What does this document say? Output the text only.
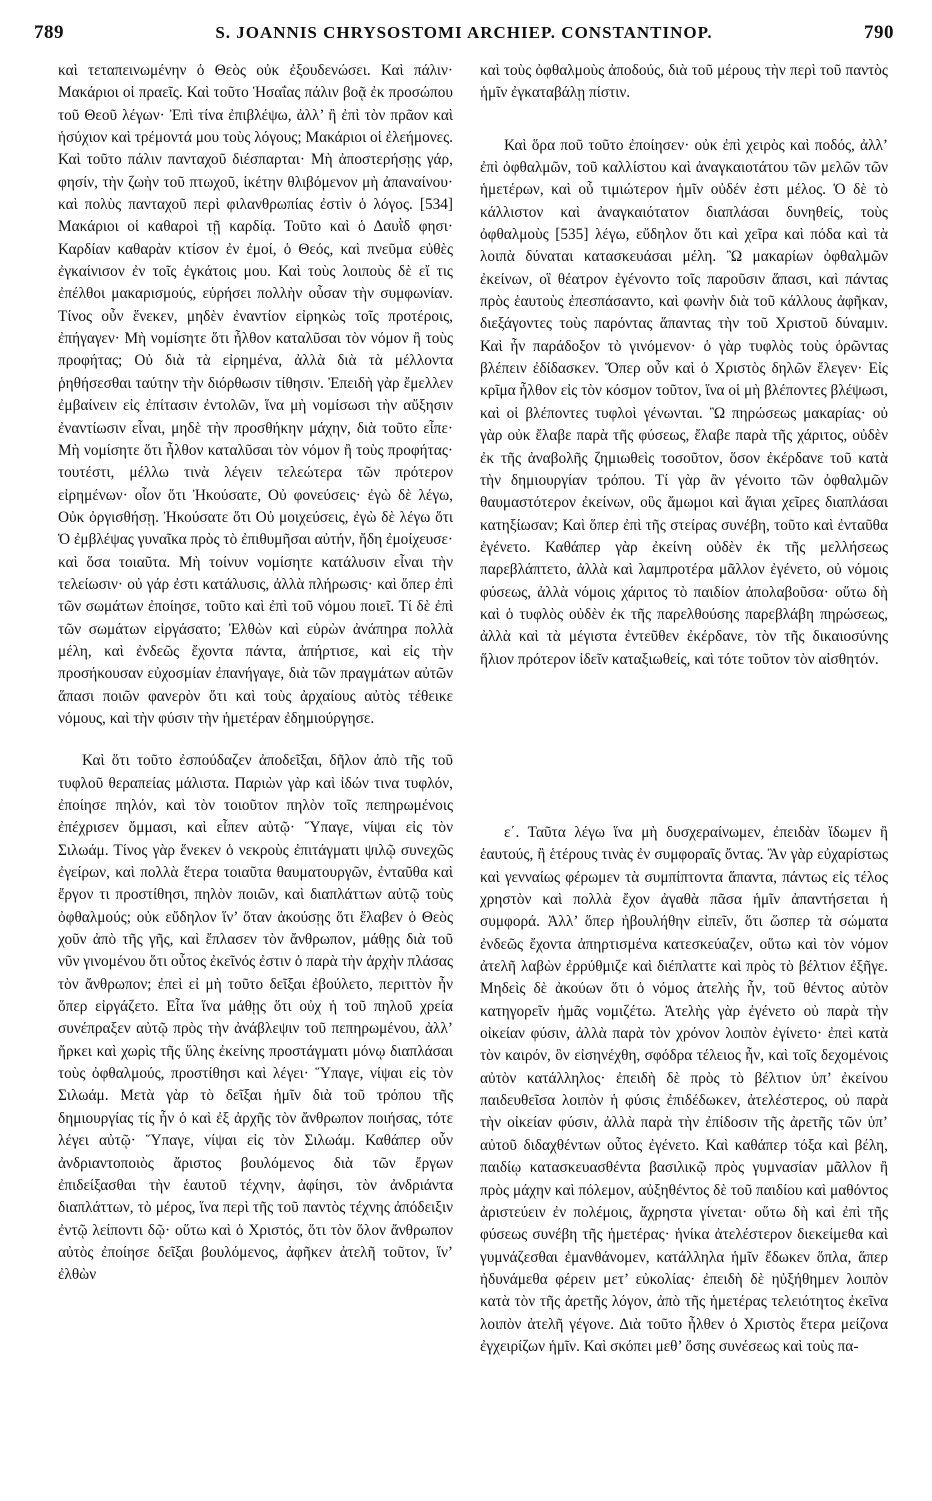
789	S. JOANNIS CHRYSOSTOMI ARCHIEP. CONSTANTINOP.	790

καὶ τεταπεινωμένην ὁ Θεὸς οὐκ ἐξουδενώσει. Καὶ πάλιν· Μακάριοι οἱ πραεῖς. Καὶ τοῦτο Ἡσαΐας πάλιν βοᾷ ἐκ προσώπου τοῦ Θεοῦ λέγων· Ἐπὶ τίνα ἐπιβλέψω, ἀλλ’ ἢ ἐπὶ τὸν πρᾶον καὶ ἡσύχιον καὶ τρέμοντά μου τοὺς λόγους; Μακάριοι οἱ ἐλεήμονες. Καὶ τοῦτο πάλιν πανταχοῦ διέσπαρται· Μὴ ἀποστερήσῃς γάρ, φησίν, τὴν ζωὴν τοῦ πτωχοῦ, ἱκέτην θλιβόμενον μὴ ἀπαναίνου· καὶ πολὺς πανταχοῦ περὶ φιλανθρωπίας ἐστὶν ὁ λόγος. [534] Μακάριοι οἱ καθαροὶ τῇ καρδίᾳ. Τοῦτο καὶ ὁ Δαυῒδ φησι· Καρδίαν καθαρὰν κτίσον ἐν ἐμοί, ὁ Θεός, καὶ πνεῦμα εὐθὲς ἐγκαίνισον ἐν τοῖς ἐγκάτοις μου. Καὶ τοὺς λοιποὺς δὲ εἴ τις ἐπέλθοι μακαρισμούς, εὑρήσει πολλὴν οὖσαν τὴν συμφωνίαν. Τίνος οὖν ἕνεκεν, μηδὲν ἐναντίον εἰρηκὼς τοῖς προτέροις, ἐπήγαγεν· Μὴ νομίσητε ὅτι ἦλθον καταλῦσαι τὸν νόμον ἢ τοὺς προφήτας; Οὐ διὰ τὰ εἰρημένα, ἀλλὰ διὰ τὰ μέλλοντα ῥηθήσεσθαι ταύτην τὴν διόρθωσιν τίθησιν. Ἐπειδὴ γὰρ ἔμελλεν ἐμβαίνειν εἰς ἐπίτασιν ἐντολῶν, ἵνα μὴ νομίσωσι τὴν αὔξησιν ἐναντίωσιν εἶναι, μηδὲ τὴν προσθήκην μάχην, διὰ τοῦτο εἶπε· Μὴ νομίσητε ὅτι ἦλθον καταλῦσαι τὸν νόμον ἢ τοὺς προφήτας· τουτέστι, μέλλω τινὰ λέγειν τελεώτερα τῶν πρότερον εἰρημένων· οἷον ὅτι Ἠκούσατε, Οὐ φονεύσεις· ἐγὼ δὲ λέγω, Οὐκ ὀργισθήσῃ. Ἠκούσατε ὅτι Οὐ μοιχεύσεις, ἐγὼ δὲ λέγω ὅτι Ὁ ἐμβλέψας γυναῖκα πρὸς τὸ ἐπιθυμῆσαι αὐτήν, ἤδη ἐμοίχευσε· καὶ ὅσα τοιαῦτα. Μὴ τοίνυν νομίσητε κατάλυσιν εἶναι τὴν τελείωσιν· οὐ γάρ ἐστι κατάλυσις, ἀλλὰ πλήρωσις· καὶ ὅπερ ἐπὶ τῶν σωμάτων ἐποίησε, τοῦτο καὶ ἐπὶ τοῦ νόμου ποιεῖ. Τί δὲ ἐπὶ τῶν σωμάτων εἰργάσατο; Ἐλθὼν καὶ εὑρὼν ἀνάπηρα πολλὰ μέλη, καὶ ἐνδεῶς ἔχοντα πάντα, ἀπήρτισε, καὶ εἰς τὴν προσήκουσαν εὐχοσμίαν ἐπανήγαγε, διὰ τῶν πραγμάτων αὐτῶν ἅπασι ποιῶν φανερὸν ὅτι καὶ τοὺς ἀρχαίους αὐτὸς τέθεικε νόμους, καὶ τὴν φύσιν τὴν ἡμετέραν ἐδημιούργησε.

Καὶ ὅτι τοῦτο ἐσπούδαζεν ἀποδεῖξαι, δῆλον ἀπὸ τῆς τοῦ τυφλοῦ θεραπείας μάλιστα. Παριὼν γὰρ καὶ ἰδών τινα τυφλόν, ἐποίησε πηλόν, καὶ τὸν τοιοῦτον πηλὸν τοῖς πεπηρωμένοις ἐπέχρισεν ὄμμασι, καὶ εἶπεν αὐτῷ· Ὕπαγε, νίψαι εἰς τὸν Σιλωάμ. Τίνος γὰρ ἕνεκεν ὁ νεκροὺς ἐπιτάγματι ψιλῷ συνεχῶς ἐγείρων, καὶ πολλὰ ἕτερα τοιαῦτα θαυματουργῶν, ἐνταῦθα καὶ ἔργον τι προστίθησι, πηλὸν ποιῶν, καὶ διαπλάττων αὐτῷ τοὺς ὀφθαλμούς; οὐκ εὔδηλον ἵν’ ὅταν ἀκούσῃς ὅτι ἔλαβεν ὁ Θεὸς χοῦν ἀπὸ τῆς γῆς, καὶ ἔπλασεν τὸν ἄνθρωπον, μάθῃς διὰ τοῦ νῦν γινομένου ὅτι οὗτος ἐκεῖνός ἐστιν ὁ παρὰ τὴν ἀρχὴν πλάσας τὸν ἄνθρωπον; ἐπεὶ εἰ μὴ τοῦτο δεῖξαι ἐβούλετο, περιττὸν ἦν ὅπερ εἰργάζετο. Εἶτα ἵνα μάθῃς ὅτι οὐχ ἡ τοῦ πηλοῦ χρεία συνέπραξεν αὐτῷ πρὸς τὴν ἀνάβλεψιν τοῦ πεπηρωμένου, ἀλλ’ ἤρκει καὶ χωρὶς τῆς ὕλης ἐκείνης προστάγματι μόνῳ διαπλάσαι τοὺς ὀφθαλμούς, προστίθησι καὶ λέγει· Ὕπαγε, νίψαι εἰς τὸν Σιλωάμ. Μετὰ γὰρ τὸ δεῖξαι ἡμῖν διὰ τοῦ τρόπου τῆς δημιουργίας τίς ἦν ὁ καὶ ἐξ ἀρχῆς τὸν ἄνθρωπον ποιήσας, τότε λέγει αὐτῷ· Ὕπαγε, νίψαι εἰς τὸν Σιλωάμ. Καθάπερ οὖν ἀνδριαντοποιὸς ἄριστος βουλόμενος διὰ τῶν ἔργων ἐπιδείξασθαι τὴν ἑαυτοῦ τέχνην, ἀφίησι, τὸν ἀνδριάντα διαπλάττων, τὸ μέρος, ἵνα περὶ τῆς τοῦ παντὸς τέχνης ἀπόδειξιν ἐντῷ λείποντι δῷ· οὕτω καὶ ὁ Χριστός, ὅτι τὸν ὅλον ἄνθρωπον αὐτὸς ἐποίησε δεῖξαι βουλόμενος, ἀφῆκεν ἀτελῆ τοῦτον, ἵν’ ἐλθὼν

καὶ τοὺς ὀφθαλμοὺς ἀποδούς, διὰ τοῦ μέρους τὴν περὶ τοῦ παντὸς ἡμῖν ἐγκαταβάλῃ πίστιν.

Καὶ ὅρα ποῦ τοῦτο ἐποίησεν· οὐκ ἐπὶ χειρὸς καὶ ποδός, ἀλλ’ ἐπὶ ὀφθαλμῶν, τοῦ καλλίστου καὶ ἀναγκαιοτάτου τῶν μελῶν τῶν ἡμετέρων, καὶ οὗ τιμιώτερον ἡμῖν οὐδέν ἐστι μέλος. Ὁ δὲ τὸ κάλλιστον καὶ ἀναγκαιότατον διαπλάσαι δυνηθείς, τοὺς ὀφθαλμοὺς [535] λέγω, εὔδηλον ὅτι καὶ χεῖρα καὶ πόδα καὶ τὰ λοιπὰ δύναται κατασκευάσαι μέλη. Ὢ μακαρίων ὀφθαλμῶν ἐκείνων, οἳ θέατρον ἐγένοντο τοῖς παροῦσιν ἅπασι, καὶ πάντας πρὸς ἑαυτοὺς ἐπεσπάσαντο, καὶ φωνὴν διὰ τοῦ κάλλους ἀφῆκαν, διεξάγοντες τοὺς παρόντας ἅπαντας τὴν τοῦ Χριστοῦ δύναμιν. Καὶ ἦν παράδοξον τὸ γινόμενον· ὁ γὰρ τυφλὸς τοὺς ὁρῶντας βλέπειν ἐδίδασκεν. Ὅπερ οὖν καὶ ὁ Χριστὸς δηλῶν ἔλεγεν· Εἰς κρῖμα ἦλθον εἰς τὸν κόσμον τοῦτον, ἵνα οἱ μὴ βλέποντες βλέψωσι, καὶ οἱ βλέποντες τυφλοὶ γένωνται. Ὢ πηρώσεως μακαρίας· οὐ γὰρ οὐκ ἔλαβε παρὰ τῆς φύσεως, ἔλαβε παρὰ τῆς χάριτος, οὐδὲν ἐκ τῆς ἀναβολῆς ζημιωθεὶς τοσοῦτον, ὅσον ἐκέρδανε τοῦ κατὰ τὴν δημιουργίαν τρόπου. Τί γὰρ ἂν γένοιτο τῶν ὀφθαλμῶν θαυμαστότερον ἐκείνων, οὓς ἄμωμοι καὶ ἅγιαι χεῖρες διαπλάσαι κατηξίωσαν; Καὶ ὅπερ ἐπὶ τῆς στείρας συνέβη, τοῦτο καὶ ἐνταῦθα ἐγένετο. Καθάπερ γὰρ ἐκείνη οὐδὲν ἐκ τῆς μελλήσεως παρεβλάπτετο, ἀλλὰ καὶ λαμπροτέρα μᾶλλον ἐγένετο, οὐ νόμοις φύσεως, ἀλλὰ νόμοις χάριτος τὸ παιδίον ἀπολαβοῦσα· οὕτω δὴ καὶ ὁ τυφλὸς οὐδὲν ἐκ τῆς παρελθούσης παρεβλάβη πηρώσεως, ἀλλὰ καὶ τὰ μέγιστα ἐντεῦθεν ἐκέρδανε, τὸν τῆς δικαιοσύνης ἥλιον πρότερον ἰδεῖν καταξιωθείς, καὶ τότε τοῦτον τὸν αἰσθητόν.

ε΄. Ταῦτα λέγω ἵνα μὴ δυσχεραίνωμεν, ἐπειδὰν ἴδωμεν ἢ ἑαυτούς, ἢ ἑτέρους τινὰς ἐν συμφοραῖς ὄντας. Ἂν γὰρ εὐχαρίστως καὶ γενναίως φέρωμεν τὰ συμπίπτοντα ἅπαντα, πάντως εἰς τέλος χρηστὸν καὶ πολλὰ ἔχον ἀγαθὰ πᾶσα ἡμῖν ἀπαντήσεται ἡ συμφορά. Ἀλλ’ ὅπερ ἠβουλήθην εἰπεῖν, ὅτι ὥσπερ τὰ σώματα ἐνδεῶς ἔχοντα ἀπηρτισμένα κατεσκεύαζεν, οὕτω καὶ τὸν νόμον ἀτελῆ λαβὼν ἐρρύθμιζε καὶ διέπλαττε καὶ πρὸς τὸ βέλτιον ἐξῆγε. Μηδεὶς δὲ ἀκούων ὅτι ὁ νόμος ἀτελὴς ἦν, τοῦ θέντος αὐτὸν κατηγορεῖν ἡμᾶς νομιζέτω. Ἀτελὴς γὰρ ἐγένετο οὐ παρὰ τὴν οἰκείαν φύσιν, ἀλλὰ παρὰ τὸν χρόνον λοιπὸν ἐγίνετο· ἐπεὶ κατὰ τὸν καιρόν, ὃν εἰσηνέχθη, σφόδρα τέλειος ἦν, καὶ τοῖς δεχομένοις αὐτὸν κατάλληλος· ἐπειδὴ δὲ πρὸς τὸ βέλτιον ὑπ’ ἐκείνου παιδευθεῖσα λοιπὸν ἡ φύσις ἐπιδέδωκεν, ἀτελέστερος, οὐ παρὰ τὴν οἰκείαν φύσιν, ἀλλὰ παρὰ τὴν ἐπίδοσιν τῆς ἀρετῆς τῶν ὑπ’ αὐτοῦ διδαχθέντων οὗτος ἐγένετο. Καὶ καθάπερ τόξα καὶ βέλη, παιδίῳ κατασκευασθέντα βασιλικῷ πρὸς γυμνασίαν μᾶλλον ἢ πρὸς μάχην καὶ πόλεμον, αὐξηθέντος δὲ τοῦ παιδίου καὶ μαθόντος ἀριστεύειν ἐν πολέμοις, ἄχρηστα γίνεται· οὕτω δὴ καὶ ἐπὶ τῆς φύσεως συνέβη τῆς ἡμετέρας· ἡνίκα ἀτελέστερον διεκείμεθα καὶ γυμνάζεσθαι ἐμανθάνομεν, κατάλληλα ἡμῖν ἔδωκεν ὅπλα, ἅπερ ἠδυνάμεθα φέρειν μετ’ εὐκολίας· ἐπειδὴ δὲ ηὐξήθημεν λοιπὸν κατὰ τὸν τῆς ἀρετῆς λόγον, ἀπὸ τῆς ἡμετέρας τελειότητος ἐκεῖνα λοιπὸν ἀτελῆ γέγονε. Διὰ τοῦτο ἦλθεν ὁ Χριστὸς ἕτερα μείζονα ἐγχειρίζων ἡμῖν. Καὶ σκόπει μεθ’ ὅσης συνέσεως καὶ τοὺς πα-
